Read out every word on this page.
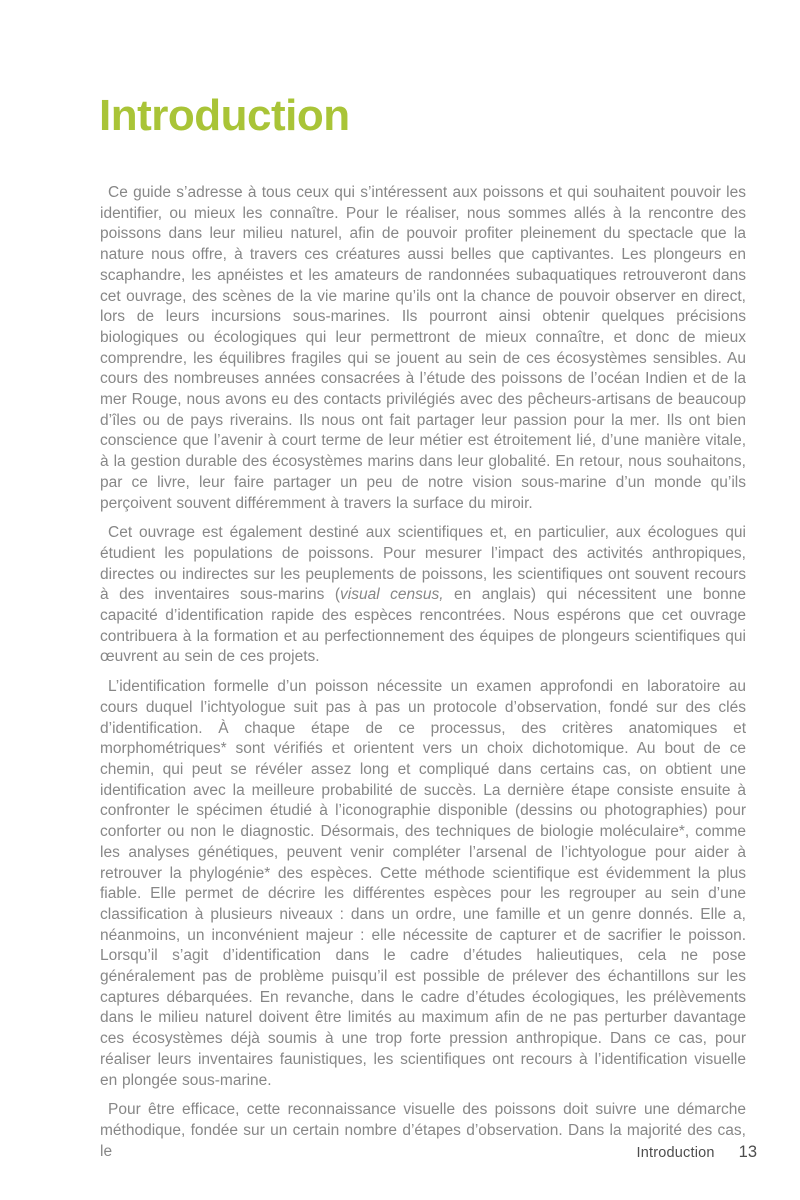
Introduction

Ce guide s’adresse à tous ceux qui s’intéressent aux poissons et qui souhaitent pouvoir les identifier, ou mieux les connaître. Pour le réaliser, nous sommes allés à la rencontre des poissons dans leur milieu naturel, afin de pouvoir profiter pleinement du spectacle que la nature nous offre, à travers ces créatures aussi belles que captivantes. Les plongeurs en scaphandre, les apnéistes et les amateurs de randonnées subaquatiques retrouveront dans cet ouvrage, des scènes de la vie marine qu’ils ont la chance de pouvoir observer en direct, lors de leurs incursions sous-marines. Ils pourront ainsi obtenir quelques précisions biologiques ou écologiques qui leur permettront de mieux connaître, et donc de mieux comprendre, les équilibres fragiles qui se jouent au sein de ces écosystèmes sensibles. Au cours des nombreuses années consacrées à l’étude des poissons de l’océan Indien et de la mer Rouge, nous avons eu des contacts privilégiés avec des pêcheurs-artisans de beaucoup d’îles ou de pays riverains. Ils nous ont fait partager leur passion pour la mer. Ils ont bien conscience que l’avenir à court terme de leur métier est étroitement lié, d’une manière vitale, à la gestion durable des écosystèmes marins dans leur globalité. En retour, nous souhaitons, par ce livre, leur faire partager un peu de notre vision sous-marine d’un monde qu’ils perçoivent souvent différemment à travers la surface du miroir.

Cet ouvrage est également destiné aux scientifiques et, en particulier, aux écologues qui étudient les populations de poissons. Pour mesurer l’impact des activités anthropiques, directes ou indirectes sur les peuplements de poissons, les scientifiques ont souvent recours à des inventaires sous-marins (visual census, en anglais) qui nécessitent une bonne capacité d’identification rapide des espèces rencontrées. Nous espérons que cet ouvrage contribuera à la formation et au perfectionnement des équipes de plongeurs scientifiques qui œuvrent au sein de ces projets.

L’identification formelle d’un poisson nécessite un examen approfondi en laboratoire au cours duquel l’ichtyologue suit pas à pas un protocole d’observation, fondé sur des clés d’identification. À chaque étape de ce processus, des critères anatomiques et morphométriques* sont vérifiés et orientent vers un choix dichotomique. Au bout de ce chemin, qui peut se révéler assez long et compliqué dans certains cas, on obtient une identification avec la meilleure probabilité de succès. La dernière étape consiste ensuite à confronter le spécimen étudié à l’iconographie disponible (dessins ou photographies) pour conforter ou non le diagnostic. Désormais, des techniques de biologie moléculaire*, comme les analyses génétiques, peuvent venir compléter l’arsenal de l’ichtyologue pour aider à retrouver la phylogénie* des espèces. Cette méthode scientifique est évidemment la plus fiable. Elle permet de décrire les différentes espèces pour les regrouper au sein d’une classification à plusieurs niveaux : dans un ordre, une famille et un genre donnés. Elle a, néanmoins, un inconvénient majeur : elle nécessite de capturer et de sacrifier le poisson. Lorsqu’il s’agit d’identification dans le cadre d’études halieutiques, cela ne pose généralement pas de problème puisqu’il est possible de prélever des échantillons sur les captures débarquées. En revanche, dans le cadre d’études écologiques, les prélèvements dans le milieu naturel doivent être limités au maximum afin de ne pas perturber davantage ces écosystèmes déjà soumis à une trop forte pression anthropique. Dans ce cas, pour réaliser leurs inventaires faunistiques, les scientifiques ont recours à l’identification visuelle en plongée sous-marine.

Pour être efficace, cette reconnaissance visuelle des poissons doit suivre une démarche méthodique, fondée sur un certain nombre d’étapes d’observation. Dans la majorité des cas, le	Introduction 13
